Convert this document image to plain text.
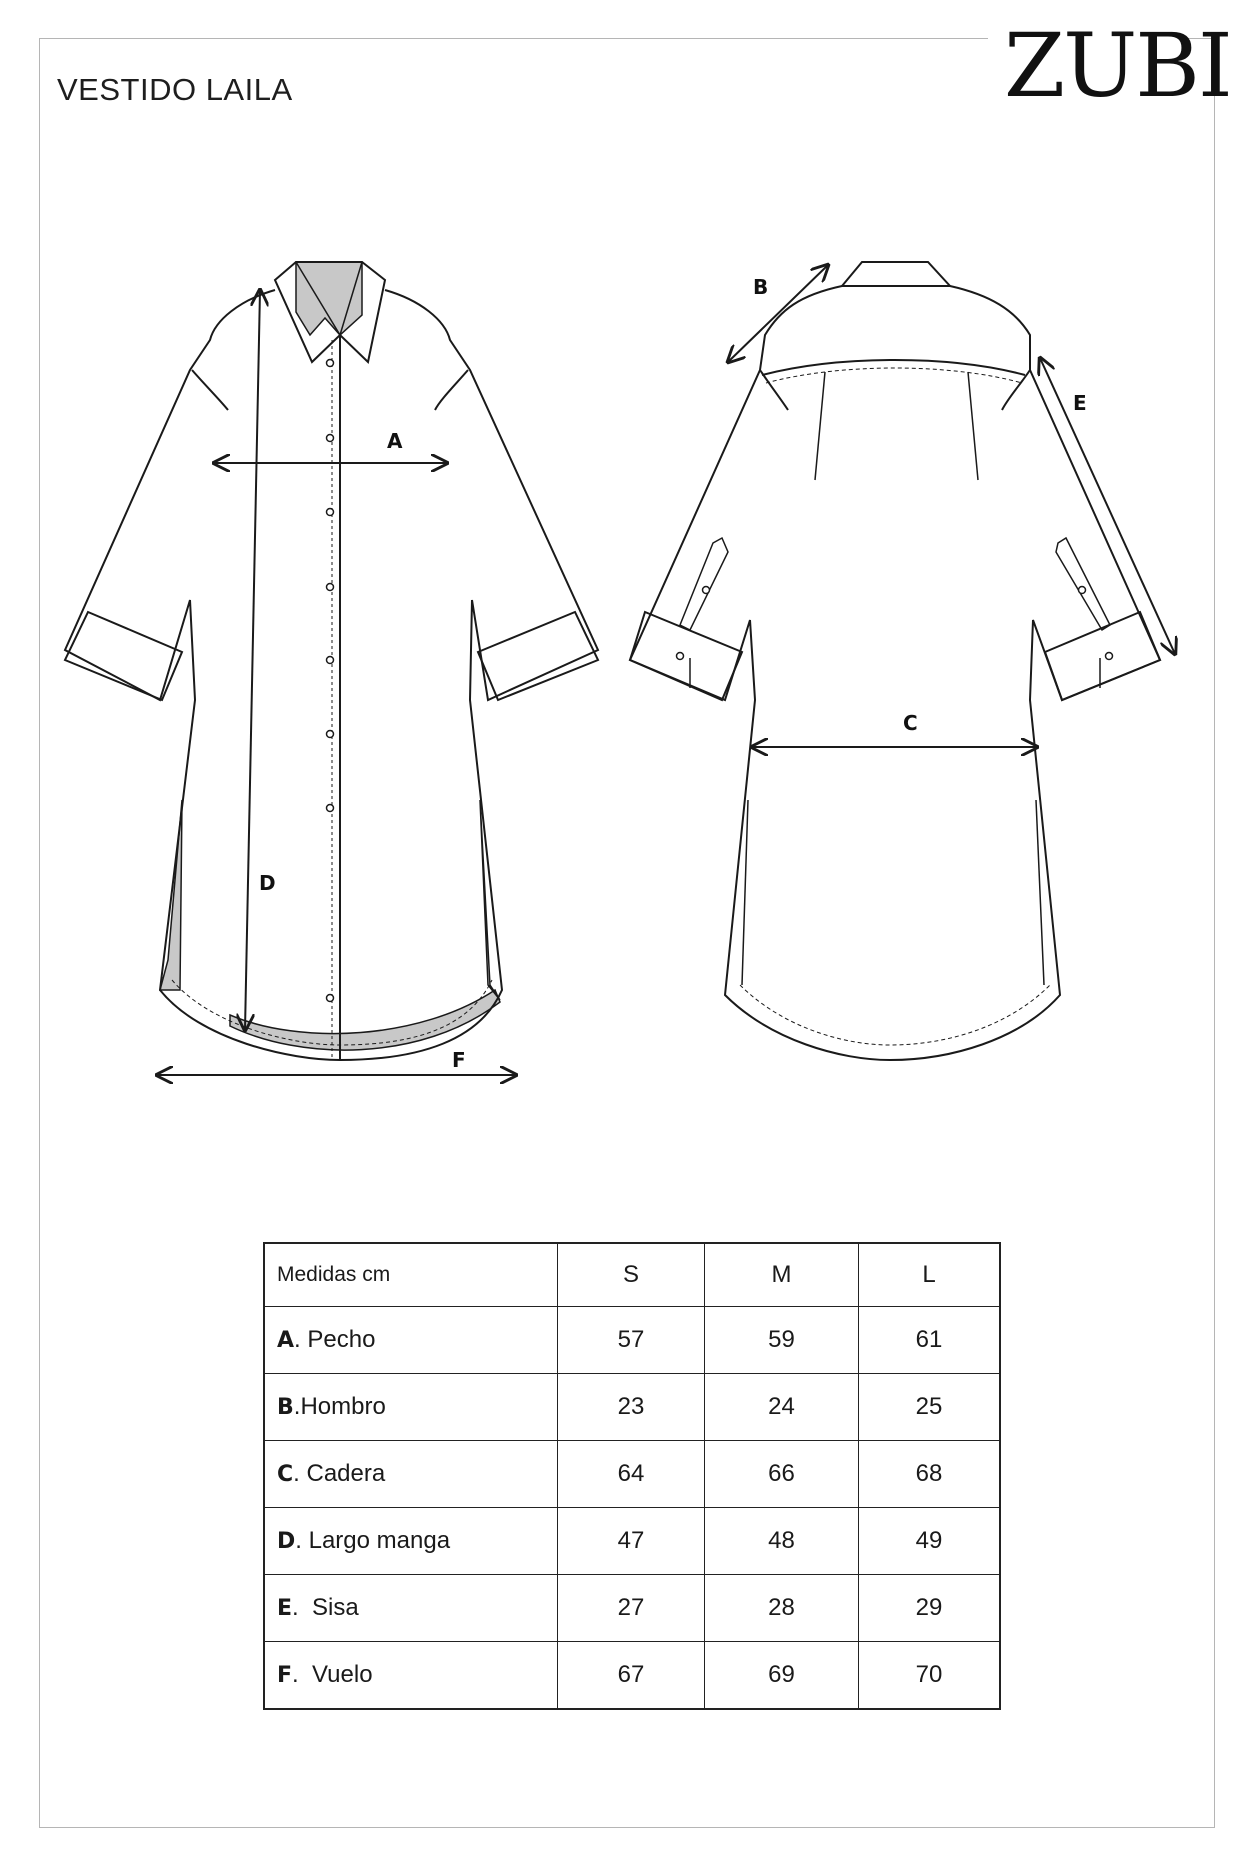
VESTIDO LAILA	ZUBI
A
D
F
B
C
E
Medidas cm	S	M	L
A. Pecho	57	59	61
B.Hombro	23	24	25
C. Cadera	64	66	68
D. Largo manga	47	48	49
E.  Sisa	27	28	29
F.  Vuelo	67	69	70
